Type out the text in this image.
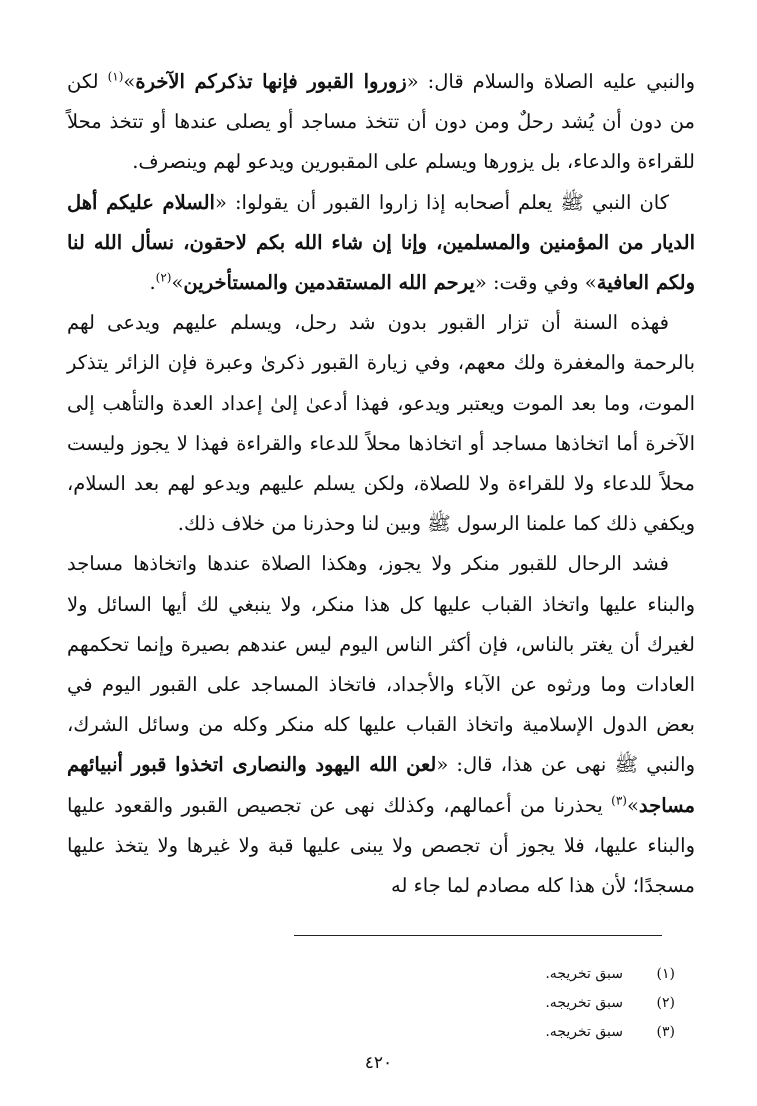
والنبي عليه الصلاة والسلام قال: «زوروا القبور فإنها تذكركم الآخرة»$^{(١)}$ لكن من دون أن يُشد رحلٌ ومن دون أن تتخذ مساجد أو يصلى عندها أو تتخذ محلاً للقراءة والدعاء، بل يزورها ويسلم على المقبورين ويدعو لهم وينصرف.

كان النبي ﷺ يعلم أصحابه إذا زاروا القبور أن يقولوا: «السلام عليكم أهل الديار من المؤمنين والمسلمين، وإنا إن شاء الله بكم لاحقون، نسأل الله لنا ولكم العافية» وفي وقت: «يرحم الله المستقدمين والمستأخرين»$^{(٢)}$.

فهذه السنة أن تزار القبور بدون شد رحل، ويسلم عليهم ويدعى لهم بالرحمة والمغفرة ولك معهم، وفي زيارة القبور ذكرىٰ وعبرة فإن الزائر يتذكر الموت، وما بعد الموت ويعتبر ويدعو، فهذا أدعىٰ إلىٰ إعداد العدة والتأهب إلى الآخرة أما اتخاذها مساجد أو اتخاذها محلاً للدعاء والقراءة فهذا لا يجوز وليست محلاً للدعاء ولا للقراءة ولا للصلاة، ولكن يسلم عليهم ويدعو لهم بعد السلام، ويكفي ذلك كما علمنا الرسول ﷺ وبين لنا وحذرنا من خلاف ذلك.

فشد الرحال للقبور منكر ولا يجوز، وهكذا الصلاة عندها واتخاذها مساجد والبناء عليها واتخاذ القباب عليها كل هذا منكر، ولا ينبغي لك أيها السائل ولا لغيرك أن يغتر بالناس، فإن أكثر الناس اليوم ليس عندهم بصيرة وإنما تحكمهم العادات وما ورثوه عن الآباء والأجداد، فاتخاذ المساجد على القبور اليوم في بعض الدول الإسلامية واتخاذ القباب عليها كله منكر وكله من وسائل الشرك، والنبي ﷺ نهى عن هذا، قال: «لعن الله اليهود والنصارى اتخذوا قبور أنبيائهم مساجد»$^{(٣)}$ يحذرنا من أعمالهم، وكذلك نهى عن تجصيص القبور والقعود عليها والبناء عليها، فلا يجوز أن تجصص ولا يبنى عليها قبة ولا غيرها ولا يتخذ عليها مسجدًا؛ لأن هذا كله مصادم لما جاء له

(١)سبق تخريجه.
(٢)سبق تخريجه.
(٣)سبق تخريجه.
٤٢٠
